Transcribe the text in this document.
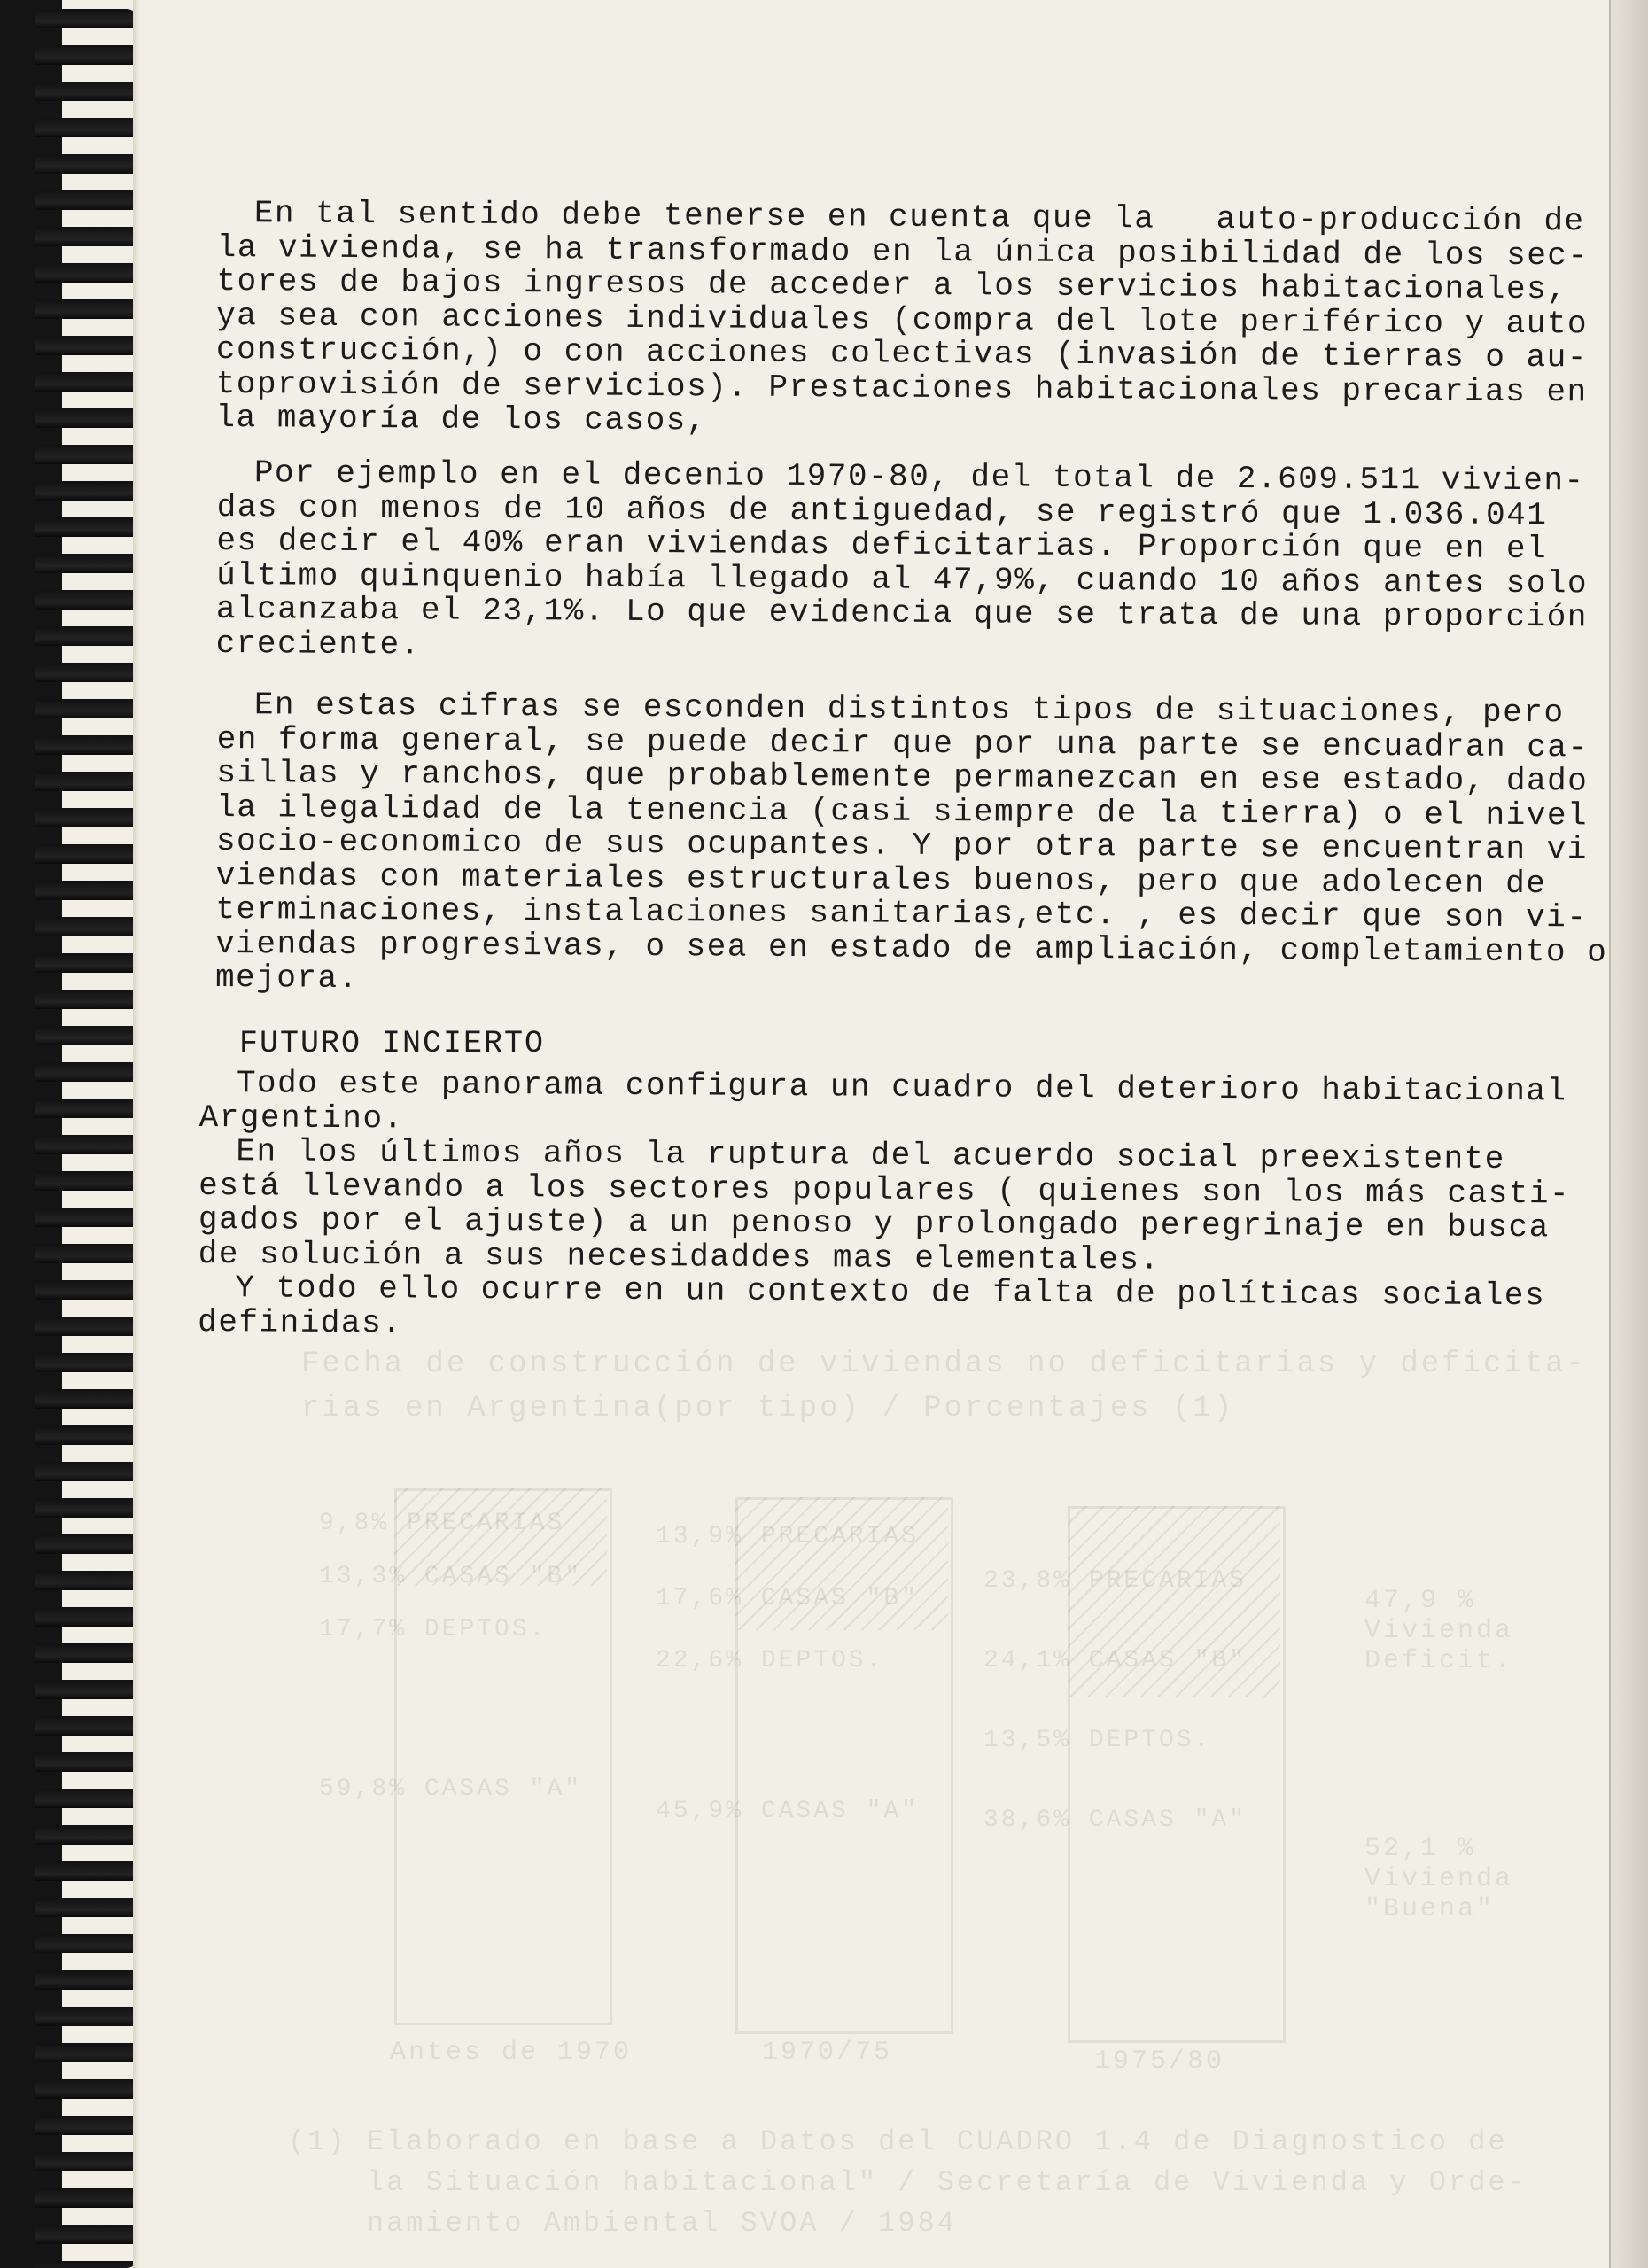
Fecha de construcción de viviendas no deficitarias y deficita-
rias en Argentina(por tipo) / Porcentajes (1)
9,8% PRECARIAS
13,3% CASAS "B"
17,7% DEPTOS.
59,8% CASAS "A"
13,9% PRECARIAS
17,6% CASAS "B"
22,6% DEPTOS.
45,9% CASAS "A"
23,8% PRECARIAS
24,1% CASAS "B"
13,5% DEPTOS.
38,6% CASAS "A"
47,9 % Vivienda Deficit.
52,1 % Vivienda "Buena"
Antes de 1970	1970/75	1975/80
(1) Elaborado en base a Datos del CUADRO 1.4 de Diagnostico de
la Situación habitacional" / Secretaría de Vivienda y Orde-
namiento Ambiental SVOA / 1984
En tal sentido debe tenerse en cuenta que la   auto-producción de
la vivienda, se ha transformado en la única posibilidad de los sec-
tores de bajos ingresos de acceder a los servicios habitacionales,
ya sea con acciones individuales (compra del lote periférico y auto
construcción,) o con acciones colectivas (invasión de tierras o au-
toprovisión de servicios). Prestaciones habitacionales precarias en
la mayoría de los casos,
Por ejemplo en el decenio 1970-80, del total de 2.609.511 vivien-
das con menos de 10 años de antiguedad, se registró que 1.036.041
es decir el 40% eran viviendas deficitarias. Proporción que en el
último quinquenio había llegado al 47,9%, cuando 10 años antes solo
alcanzaba el 23,1%. Lo que evidencia que se trata de una proporción
creciente.
En estas cifras se esconden distintos tipos de situaciones, pero
en forma general, se puede decir que por una parte se encuadran ca-
sillas y ranchos, que probablemente permanezcan en ese estado, dado
la ilegalidad de la tenencia (casi siempre de la tierra) o el nivel
socio-economico de sus ocupantes. Y por otra parte se encuentran vi
viendas con materiales estructurales buenos, pero que adolecen de
terminaciones, instalaciones sanitarias,etc. , es decir que son vi-
viendas progresivas, o sea en estado de ampliación, completamiento o
mejora.
FUTURO INCIERTO
Todo este panorama configura un cuadro del deterioro habitacional
Argentino.
En los últimos años la ruptura del acuerdo social preexistente
está llevando a los sectores populares ( quienes son los más casti-
gados por el ajuste) a un penoso y prolongado peregrinaje en busca
de solución a sus necesidaddes mas elementales.
Y todo ello ocurre en un contexto de falta de políticas sociales
definidas.
